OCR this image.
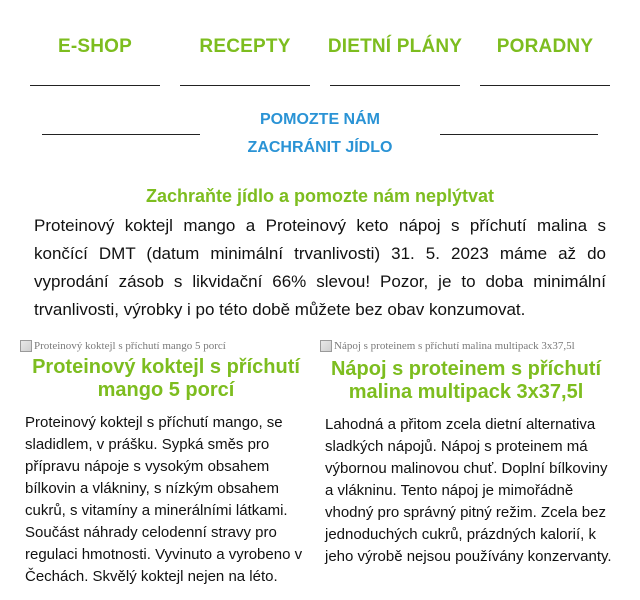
E-SHOP	RECEPTY	DIETNÍ PLÁNY	PORADNY
POMOZTE NÁM
ZACHRÁNIT JÍDLO
Zachraňte jídlo a pomozte nám neplýtvat

Proteinový koktejl mango a Proteinový keto nápoj s příchutí malina s končící DMT (datum minimální trvanlivosti) 31. 5. 2023 máme až do vyprodání zásob s likvidační 66% slevou! Pozor, je to doba minimální trvanlivosti, výrobky i po této době můžete bez obav konzumovat.

Proteinový koktejl s příchutí mango 5 porcí
Proteinový koktejl s příchutí mango 5 porcí

Proteinový koktejl s příchutí mango, se sladidlem, v prášku. Sypká směs pro přípravu nápoje s vysokým obsahem bílkovin a vlákniny, s nízkým obsahem cukrů, s vitamíny a minerálními látkami. Součást náhrady celodenní stravy pro regulaci hmotnosti. Vyvinuto a vyrobeno v Čechách. Skvělý koktejl nejen na léto.

Nápoj s proteinem s příchutí malina multipack 3x37,5l
Nápoj s proteinem s příchutí malina multipack 3x37,5l

Lahodná a přitom zcela dietní alternativa sladkých nápojů. Nápoj s proteinem má výbornou malinovou chuť. Doplní bílkoviny a vlákninu. Tento nápoj je mimořádně vhodný pro správný pitný režim. Zcela bez jednoduchých cukrů, prázdných kalorií, k jeho výrobě nejsou používány konzervanty.
